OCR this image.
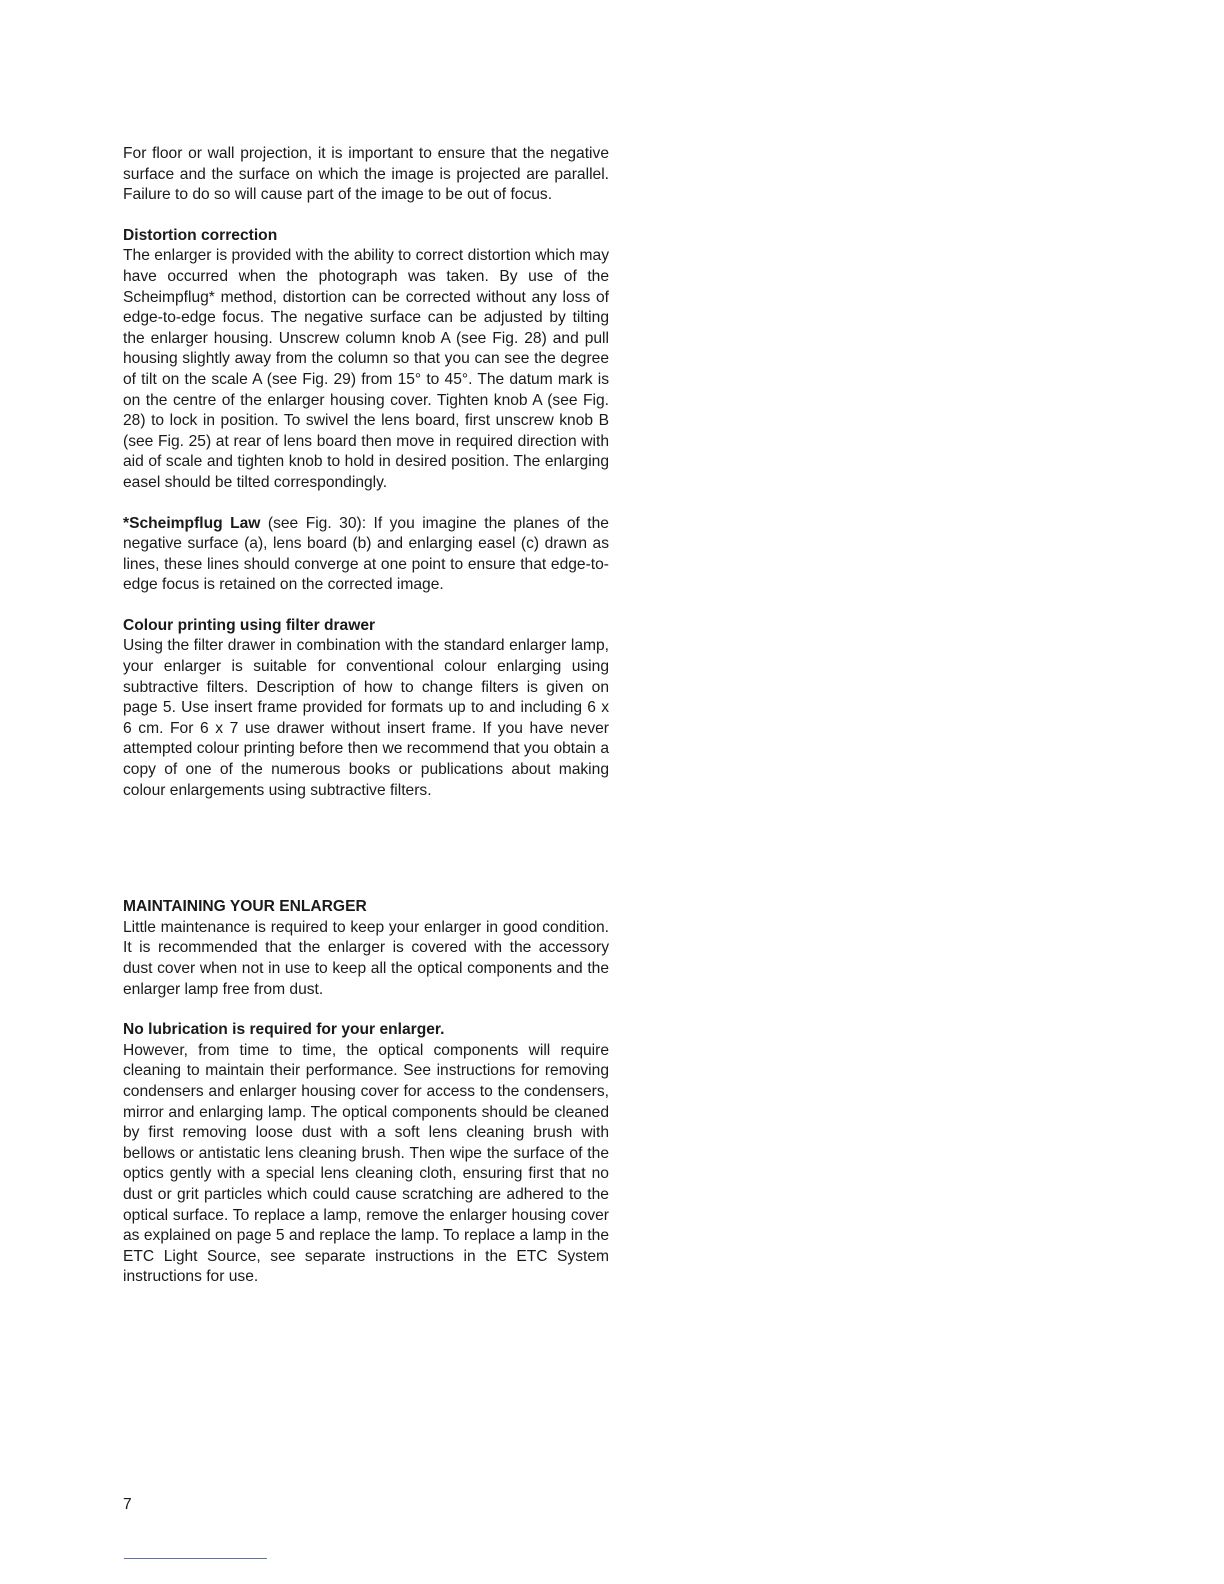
For floor or wall projection, it is important to ensure that the negative surface and the surface on which the image is projected are parallel. Failure to do so will cause part of the image to be out of focus.

Distortion correction

The enlarger is provided with the ability to correct distortion which may have occurred when the photograph was taken. By use of the Scheimpflug* method, distortion can be corrected without any loss of edge-to-edge focus. The negative surface can be adjusted by tilting the enlarger housing. Unscrew column knob A (see Fig. 28) and pull housing slightly away from the column so that you can see the degree of tilt on the scale A (see Fig. 29) from 15° to 45°. The datum mark is on the centre of the enlarger housing cover. Tighten knob A (see Fig. 28) to lock in position. To swivel the lens board, first unscrew knob B (see Fig. 25) at rear of lens board then move in required direction with aid of scale and tighten knob to hold in desired position. The enlarging easel should be tilted correspondingly.

*Scheimpflug Law (see Fig. 30): If you imagine the planes of the negative surface (a), lens board (b) and enlarging easel (c) drawn as lines, these lines should converge at one point to ensure that edge-to-edge focus is retained on the corrected image.

Colour printing using filter drawer

Using the filter drawer in combination with the standard enlarger lamp, your enlarger is suitable for conventional colour enlarging using subtractive filters. Description of how to change filters is given on page 5. Use insert frame provided for formats up to and including 6 x 6 cm. For 6 x 7 use drawer without insert frame. If you have never attempted colour printing before then we recommend that you obtain a copy of one of the numerous books or publications about making colour enlargements using subtractive filters.

MAINTAINING YOUR ENLARGER

Little maintenance is required to keep your enlarger in good condition. It is recommended that the enlarger is covered with the accessory dust cover when not in use to keep all the optical components and the enlarger lamp free from dust.

No lubrication is required for your enlarger.

However, from time to time, the optical components will require cleaning to maintain their performance. See instructions for removing condensers and enlarger housing cover for access to the condensers, mirror and enlarging lamp. The optical components should be cleaned by first removing loose dust with a soft lens cleaning brush with bellows or antistatic lens cleaning brush. Then wipe the surface of the optics gently with a special lens cleaning cloth, ensuring first that no dust or grit particles which could cause scratching are adhered to the optical surface. To replace a lamp, remove the enlarger housing cover as explained on page 5 and replace the lamp. To replace a lamp in the ETC Light Source, see separate instructions in the ETC System instructions for use.

7
